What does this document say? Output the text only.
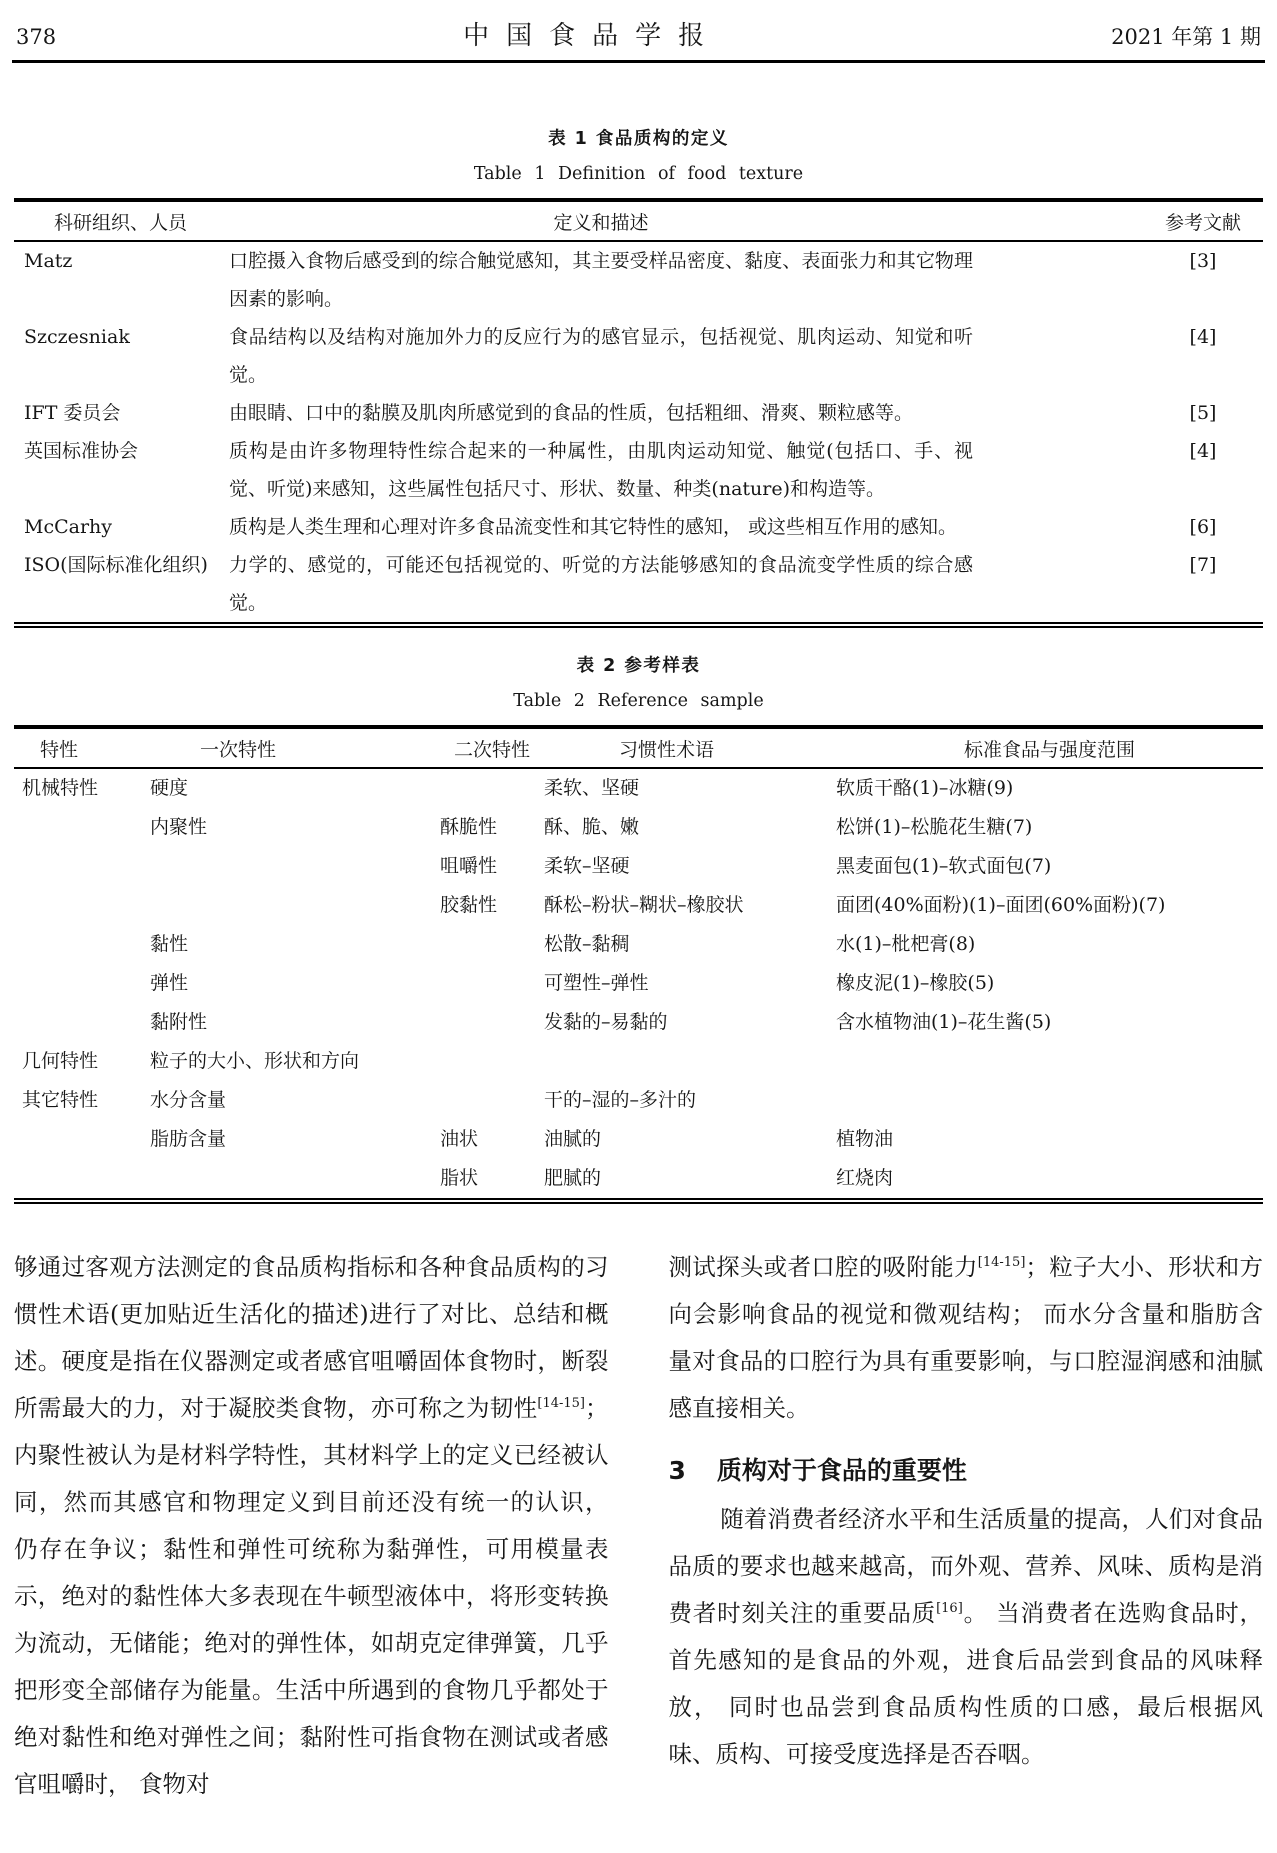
378	中国食品学报	2021 年第 1 期
表 1 食品质构的定义
Table 1 Definition of food texture
科研组织、人员	定义和描述	参考文献
Matz	口腔摄入食物后感受到的综合触觉感知，其主要受样品密度、黏度、表面张力和其它物理因素的影响。	[3]
Szczesniak	食品结构以及结构对施加外力的反应行为的感官显示，包括视觉、肌肉运动、知觉和听觉。	[4]
IFT 委员会	由眼睛、口中的黏膜及肌肉所感觉到的食品的性质，包括粗细、滑爽、颗粒感等。	[5]
英国标准协会	质构是由许多物理特性综合起来的一种属性，由肌肉运动知觉、触觉(包括口、手、视觉、听觉)来感知，这些属性包括尺寸、形状、数量、种类(nature)和构造等。	[4]
McCarhy	质构是人类生理和心理对许多食品流变性和其它特性的感知， 或这些相互作用的感知。	[6]
ISO(国际标准化组织)	力学的、感觉的，可能还包括视觉的、听觉的方法能够感知的食品流变学性质的综合感觉。	[7]
表 2 参考样表
Table 2 Reference sample
特性	一次特性	二次特性	习惯性术语	标准食品与强度范围
机械特性	硬度		柔软、坚硬	软质干酪(1)–冰糖(9)
	内聚性	酥脆性	酥、脆、嫩	松饼(1)–松脆花生糖(7)
		咀嚼性	柔软–坚硬	黑麦面包(1)–软式面包(7)
		胶黏性	酥松–粉状–糊状–橡胶状	面团(40%面粉)(1)–面团(60%面粉)(7)
	黏性		松散–黏稠	水(1)–枇杷膏(8)
	弹性		可塑性–弹性	橡皮泥(1)–橡胶(5)
	黏附性		发黏的–易黏的	含水植物油(1)–花生酱(5)
几何特性	粒子的大小、形状和方向			
其它特性	水分含量		干的–湿的–多汁的	
	脂肪含量	油状	油腻的	植物油
		脂状	肥腻的	红烧肉

够通过客观方法测定的食品质构指标和各种食品质构的习惯性术语(更加贴近生活化的描述)进行了对比、总结和概述。硬度是指在仪器测定或者感官咀嚼固体食物时，断裂所需最大的力，对于凝胶类食物，亦可称之为韧性[14-15]；内聚性被认为是材料学特性，其材料学上的定义已经被认同，然而其感官和物理定义到目前还没有统一的认识， 仍存在争议；黏性和弹性可统称为黏弹性，可用模量表示，绝对的黏性体大多表现在牛顿型液体中，将形变转换为流动，无储能；绝对的弹性体，如胡克定律弹簧，几乎把形变全部储存为能量。生活中所遇到的食物几乎都处于绝对黏性和绝对弹性之间；黏附性可指食物在测试或者感官咀嚼时， 食物对

测试探头或者口腔的吸附能力[14-15]；粒子大小、形状和方向会影响食品的视觉和微观结构； 而水分含量和脂肪含量对食品的口腔行为具有重要影响，与口腔湿润感和油腻感直接相关。

3 质构对于食品的重要性

随着消费者经济水平和生活质量的提高，人们对食品品质的要求也越来越高，而外观、营养、风味、质构是消费者时刻关注的重要品质[16]。 当消费者在选购食品时，首先感知的是食品的外观，进食后品尝到食品的风味释放， 同时也品尝到食品质构性质的口感，最后根据风味、质构、可接受度选择是否吞咽。
